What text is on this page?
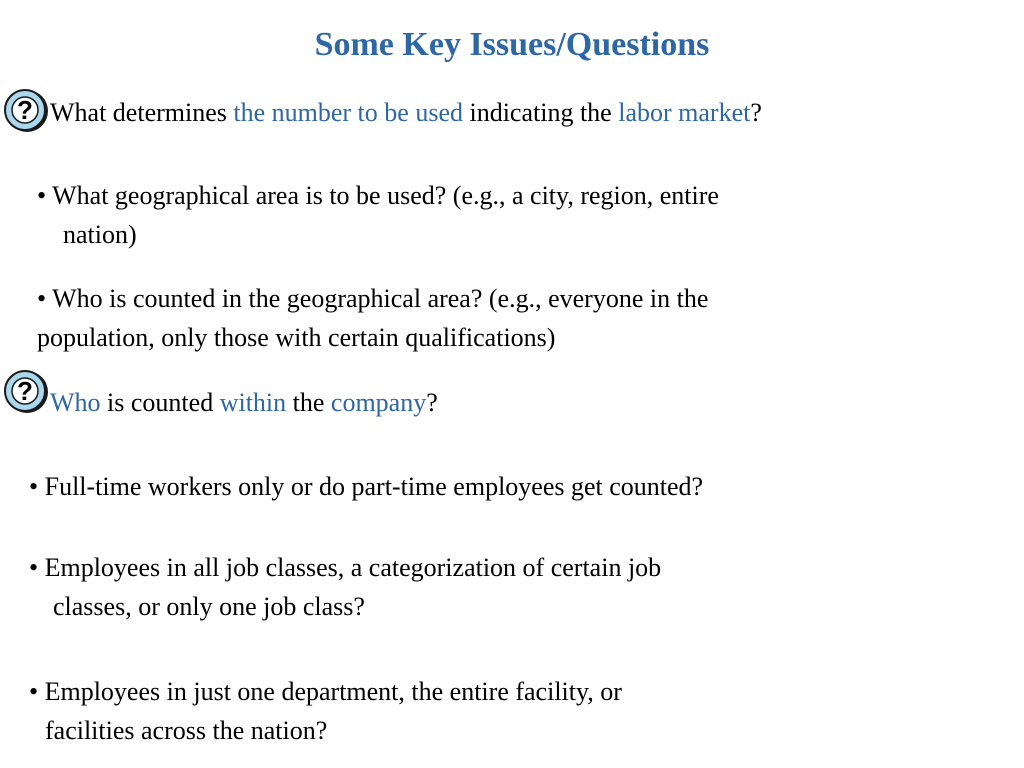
Some Key Issues/Questions
? What determines the number to be used indicating the labor market?
• What geographical area is to be used? (e.g., a city, region, entire
nation)
• Who is counted in the geographical area? (e.g., everyone in the
population, only those with certain qualifications)
? Who is counted within the company?
• Full-time workers only or do part-time employees get counted?
• Employees in all job classes, a categorization of certain job
classes, or only one job class?
• Employees in just one department, the entire facility, or
facilities across the nation?
